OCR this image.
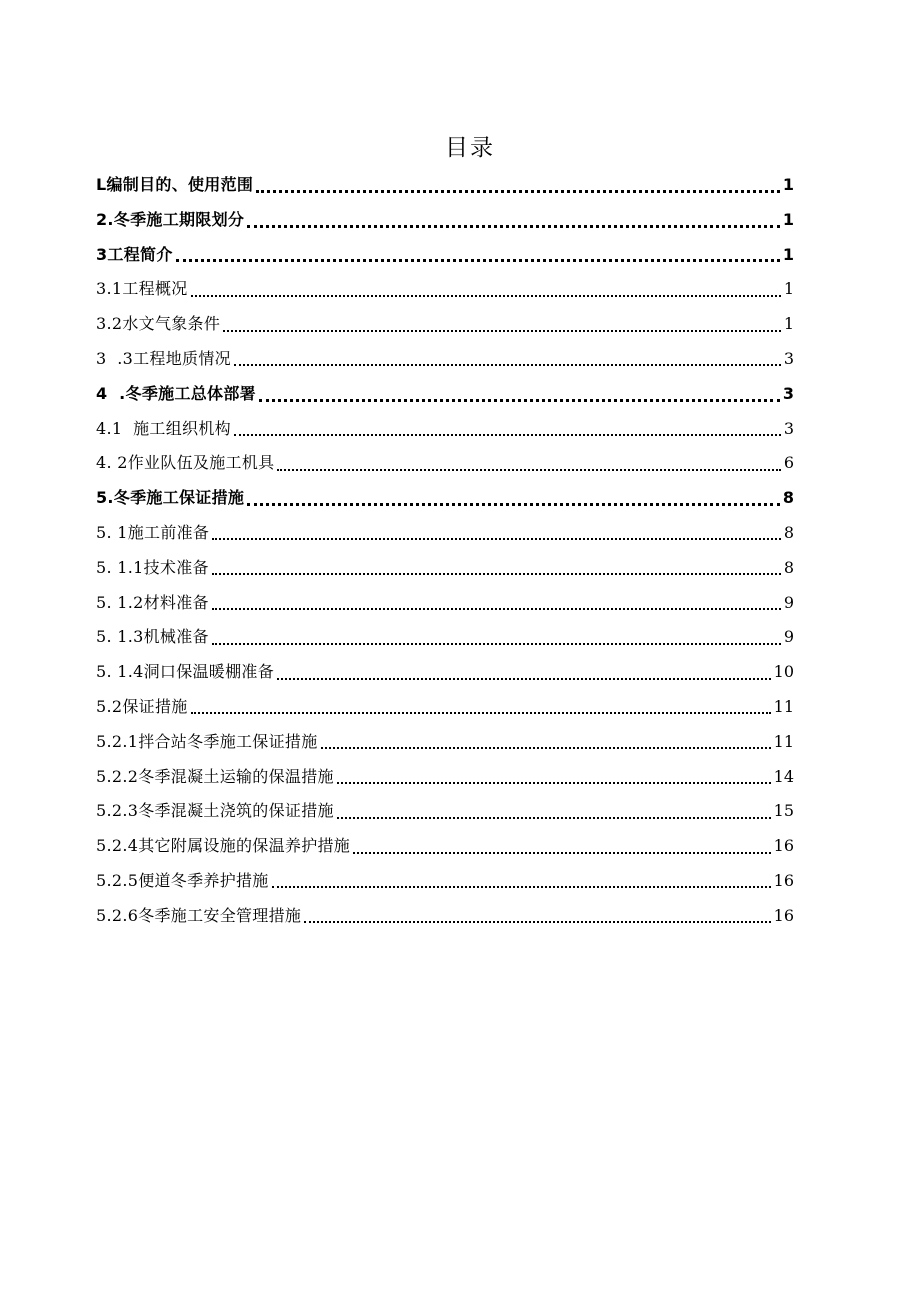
目录
L编制目的、使用范围	1
2.冬季施工期限划分	1
3工程简介	1
3.1工程概况	1
3.2水文气象条件	1
3  .3工程地质情况	3
4  .冬季施工总体部署	3
4.1  施工组织机构	3
4. 2作业队伍及施工机具	6
5.冬季施工保证措施	8
5. 1施工前准备	8
5. 1.1技术准备	8
5. 1.2材料准备	9
5. 1.3机械准备	9
5. 1.4洞口保温暖棚准备	10
5.2保证措施	11
5.2.1拌合站冬季施工保证措施	11
5.2.2冬季混凝土运输的保温措施	14
5.2.3冬季混凝土浇筑的保证措施	15
5.2.4其它附属设施的保温养护措施	16
5.2.5便道冬季养护措施	16
5.2.6冬季施工安全管理措施	16
